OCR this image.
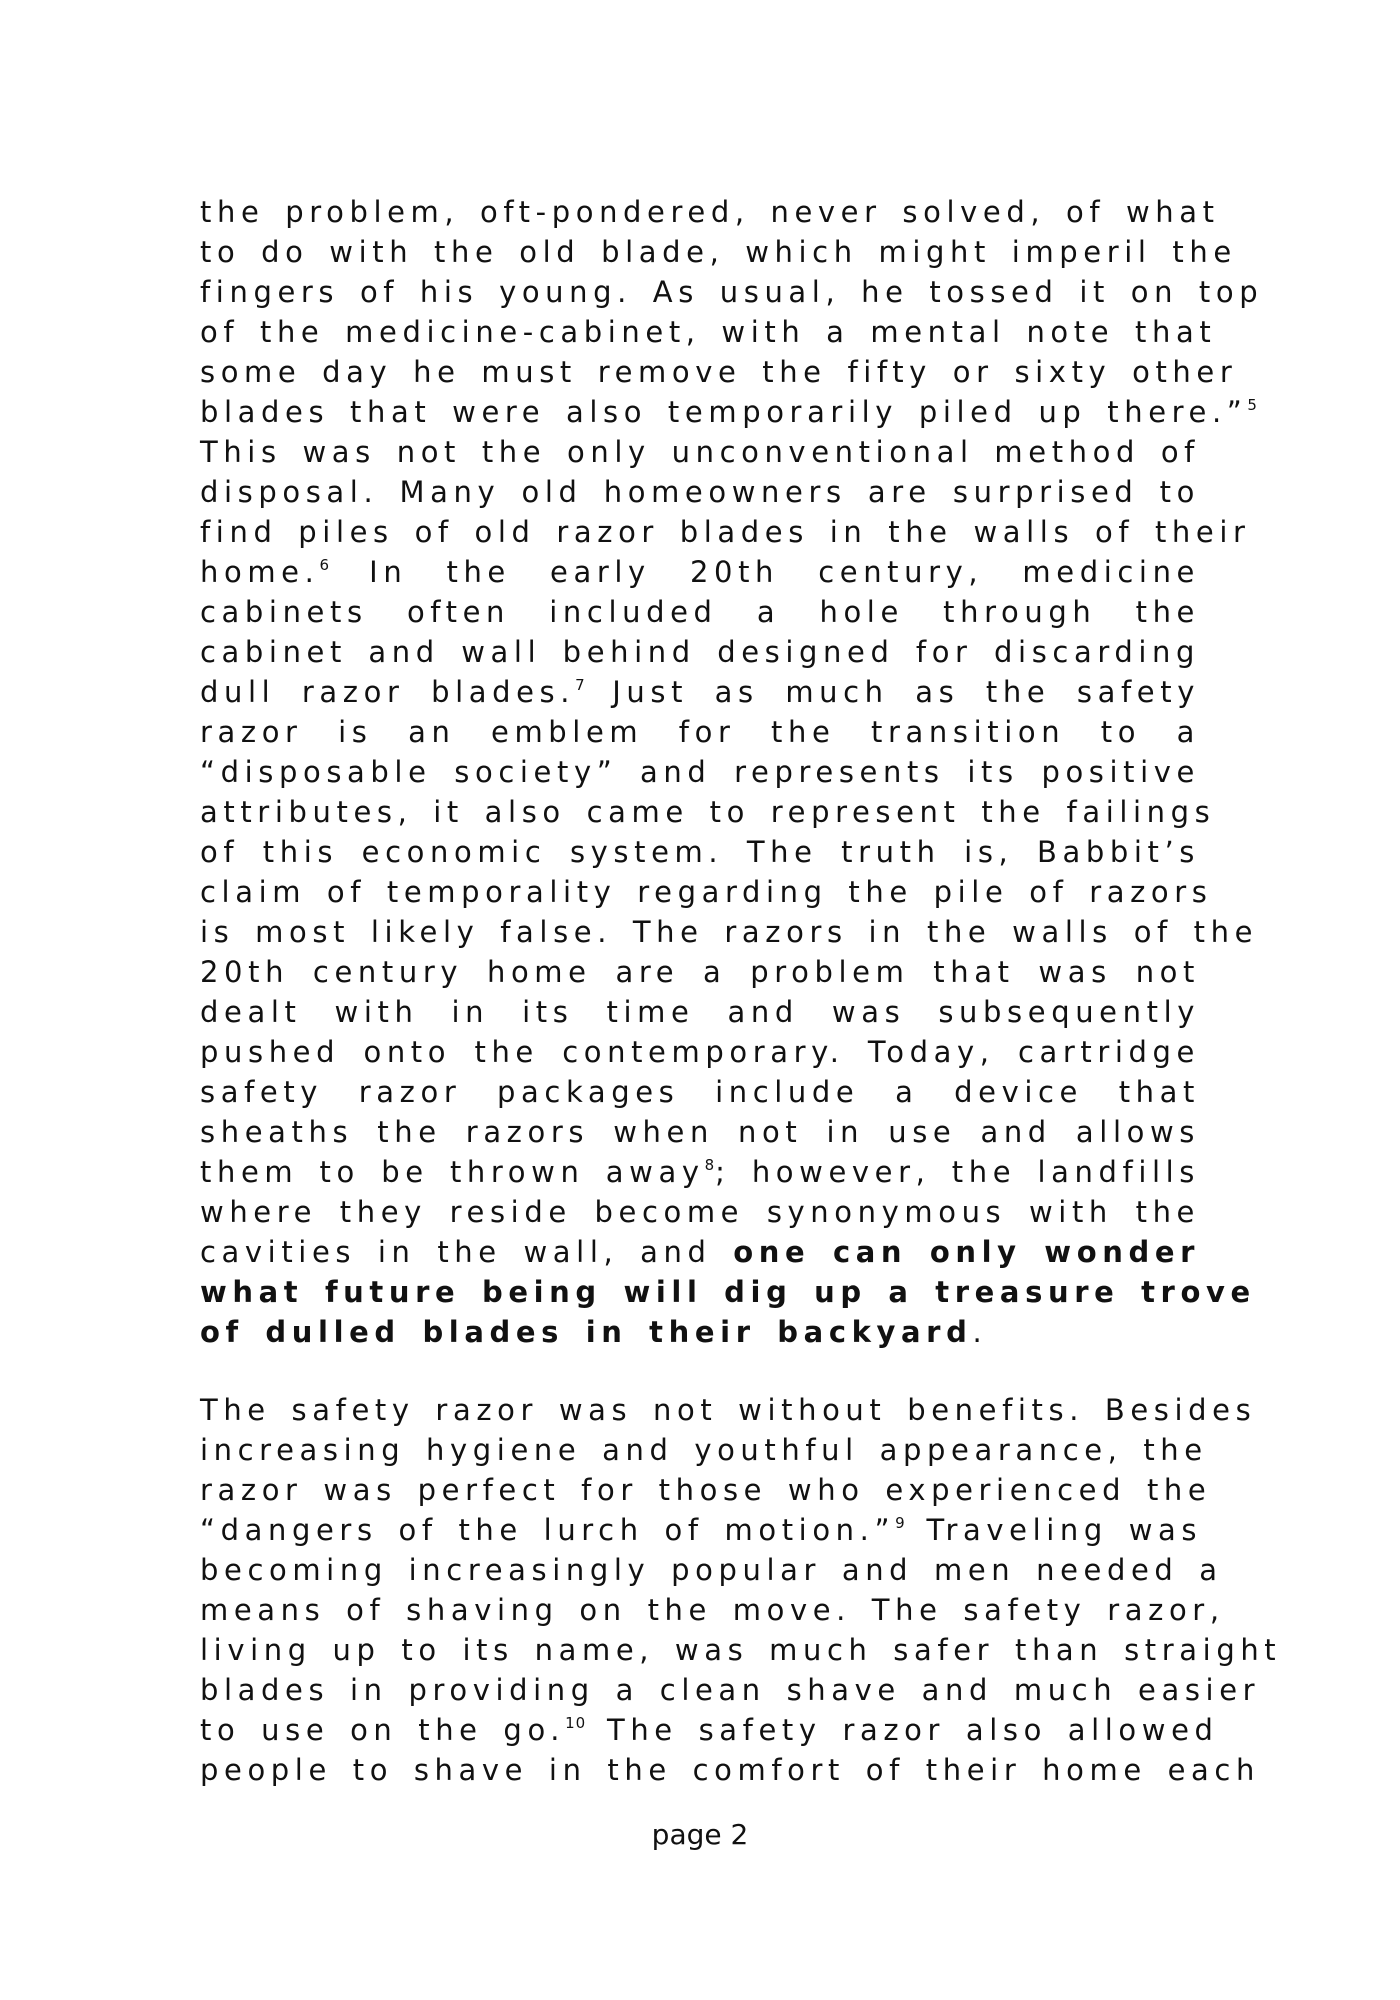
the problem, oft-pondered, never solved, of what
to do with the old blade, which might imperil the
fingers of his young. As usual, he tossed it on top
of the medicine-cabinet, with a mental note that
some day he must remove the fifty or sixty other
blades that were also temporarily piled up there.”$^5$
This was not the only unconventional method of
disposal. Many old homeowners are surprised to
find piles of old razor blades in the walls of their
home.$^6$ In the early 20th century, medicine
cabinets often included a hole through the
cabinet and wall behind designed for discarding
dull razor blades.$^7$ Just as much as the safety
razor is an emblem for the transition to a
“disposable society” and represents its positive
attributes, it also came to represent the failings
of this economic system. The truth is, Babbit’s
claim of temporality regarding the pile of razors
is most likely false. The razors in the walls of the
20th century home are a problem that was not
dealt with in its time and was subsequently
pushed onto the contemporary. Today, cartridge
safety razor packages include a device that
sheaths the razors when not in use and allows
them to be thrown away$^8$; however, the landfills
where they reside become synonymous with the
cavities in the wall, and one can only wonder
what future being will dig up a treasure trove
of dulled blades in their backyard.
The safety razor was not without benefits. Besides
increasing hygiene and youthful appearance, the
razor was perfect for those who experienced the
“dangers of the lurch of motion.”$^9$ Traveling was
becoming increasingly popular and men needed a
means of shaving on the move. The safety razor,
living up to its name, was much safer than straight
blades in providing a clean shave and much easier
to use on the go.$^{10}$ The safety razor also allowed
people to shave in the comfort of their home each
page 2
